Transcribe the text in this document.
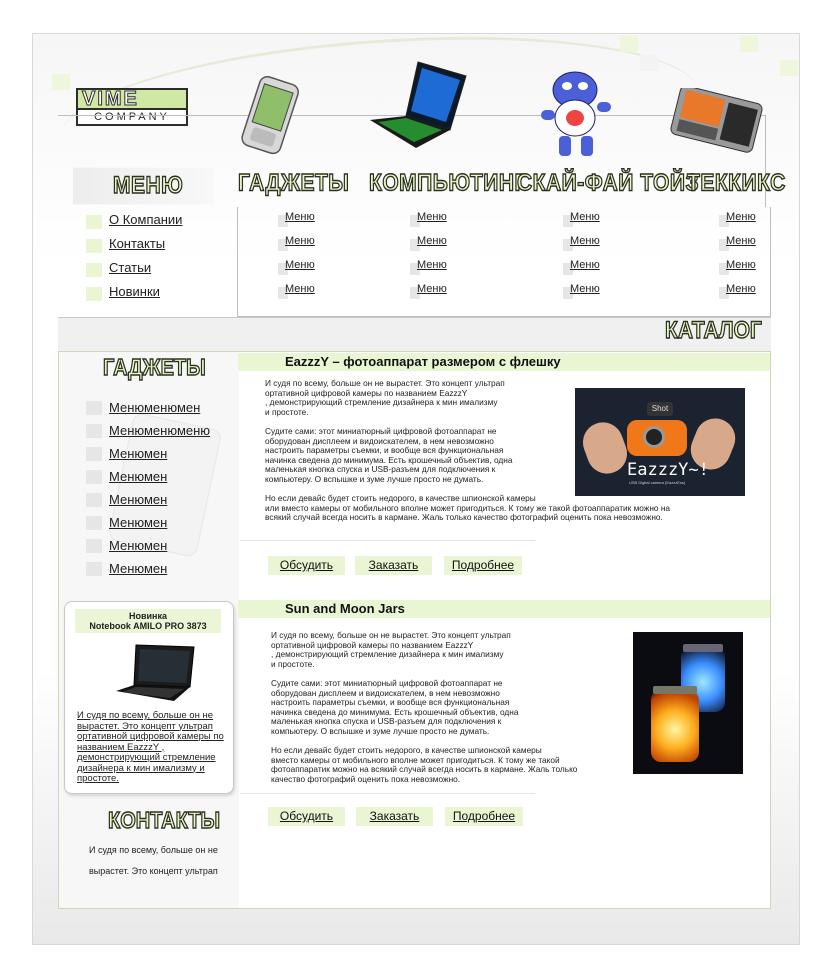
VIME
COMPANY
МЕНЮ	ГАДЖЕТЫ КОМПЬЮТИНГ
СКАЙ-ФАЙ ТОЙЗ
ТЕККИКС
О Компании
Контакты
Статьи
Новинки
Меню
Меню
Меню
Меню
Меню
Меню
Меню
Меню
Меню
Меню
Меню
Меню
Меню
Меню
Меню
Меню
КАТАЛОГ
ГАДЖЕТЫ
Менюменюмен
Менюменюменю
Менюмен
Менюмен
Менюмен
Менюмен
Менюмен
Менюмен
Новинка
Notebook AMILO PRO 3873
И судя по всему, больше он не вырастет. Это концепт ультрап ортативной цифровой камеры по названием EazzzY , демонстрирующий стремление дизайнера к мин имализму и простоте.
КОНТАКТЫ
И судя по всему, больше он не вырастет. Это концепт ультрап
EazzzY – фотоаппарат размером с флешку

И судя по всему, больше он не вырастет. Это концепт ультрап
ортативной цифровой камеры по названием EazzzY
, демонстрирующий стремление дизайнера к мин имализму
и простоте.

Судите сами: этот миниатюрный цифровой фотоаппарат не
оборудован дисплеем и видоискателем, в нем невозможно
настроить параметры съемки, и вообще вся функциональная
начинка сведена до минимума. Есть крошечный объектив, одна
маленькая кнопка спуска и USB-разъем для подключения к
компьютеру. О вспышке и зуме лучше просто не думать.

Но если девайс будет стоить недорого, в качестве шпионской камеры
или вместо камеры от мобильного вполне может пригодиться. К тому же такой фотоаппаратик можно на
всякий случай всегда носить в кармане. Жаль только качество фотографий оценить пока невозможно.

Shot
EazzzY~!
USB Digital camera (EazzzEss)
Обсудить	Заказать	Подробнее
Sun and Moon Jars

И судя по всему, больше он не вырастет. Это концепт ультрап
ортативной цифровой камеры по названием EazzzY
, демонстрирующий стремление дизайнера к мин имализму
и простоте.

Судите сами: этот миниатюрный цифровой фотоаппарат не
оборудован дисплеем и видоискателем, в нем невозможно
настроить параметры съемки, и вообще вся функциональная
начинка сведена до минимума. Есть крошечный объектив, одна
маленькая кнопка спуска и USB-разъем для подключения к
компьютеру. О вспышке и зуме лучше просто не думать.

Но если девайс будет стоить недорого, в качестве шпионской камеры
вместо камеры от мобильного вполне может пригодиться. К тому же такой
фотоаппаратик можно на всякий случай всегда носить в кармане. Жаль только
качество фотографий оценить пока невозможно.

Обсудить	Заказать	Подробнее
